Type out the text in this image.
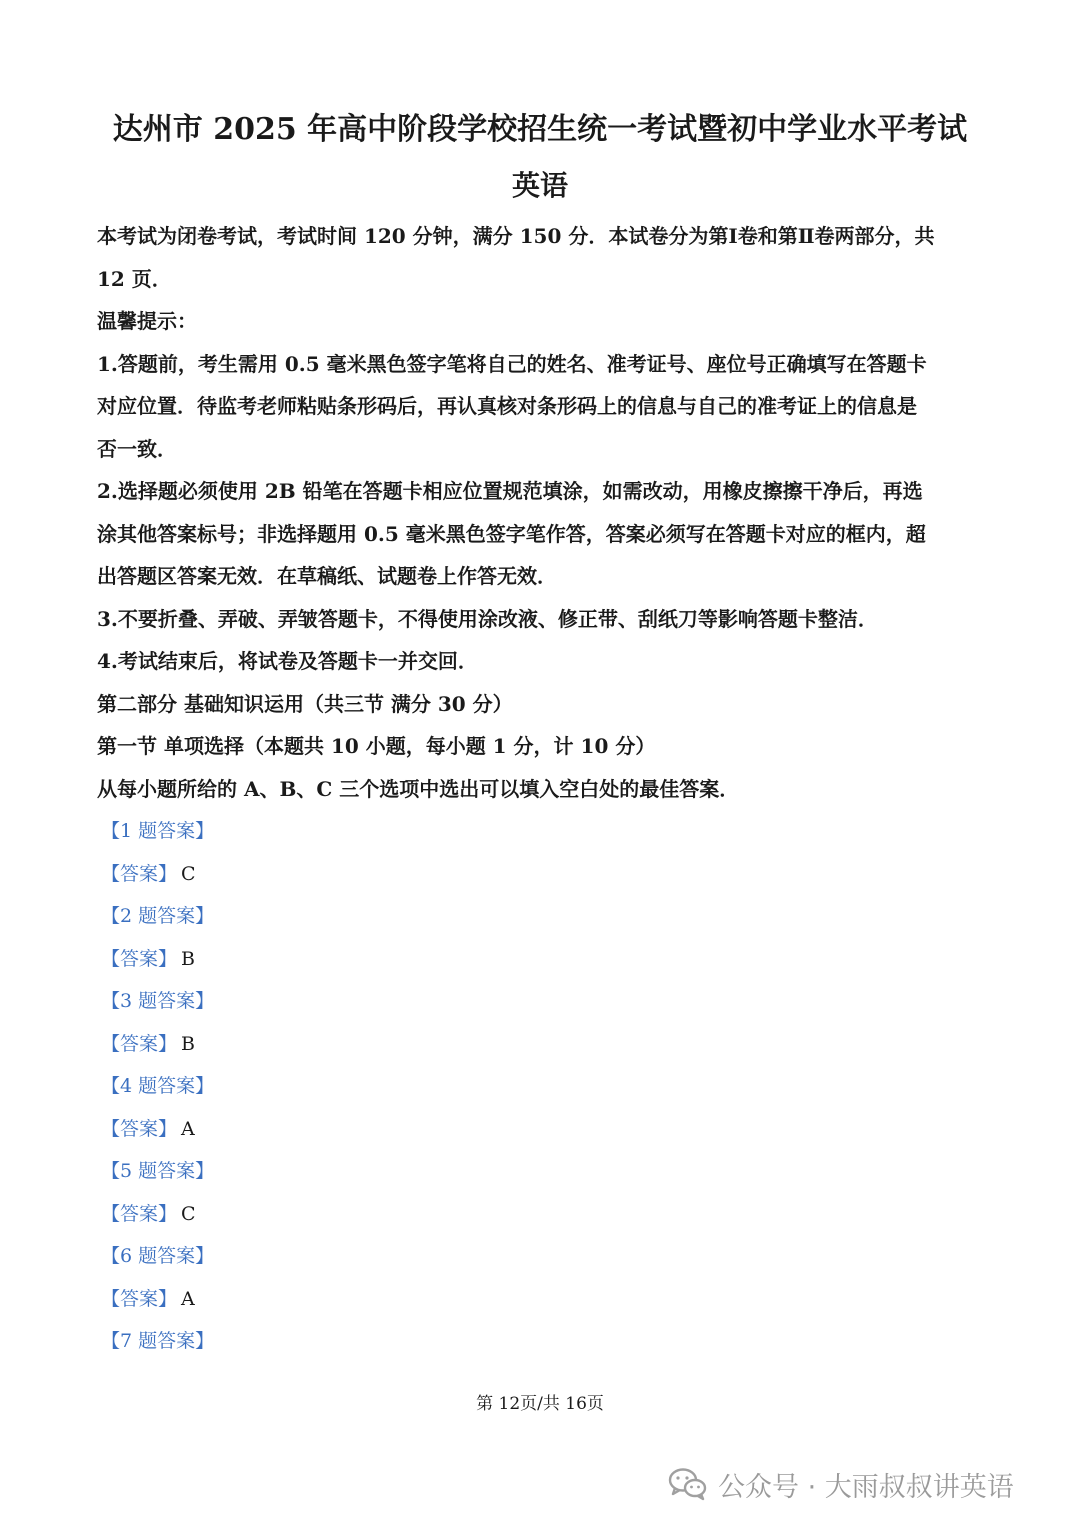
达州市 2025 年高中阶段学校招生统一考试暨初中学业水平考试
英语
本考试为闭卷考试，考试时间 120 分钟，满分 150 分．本试卷分为第Ⅰ卷和第Ⅱ卷两部分，共
12 页．
温馨提示：
1.答题前，考生需用 0.5 毫米黑色签字笔将自己的姓名、准考证号、座位号正确填写在答题卡
对应位置．待监考老师粘贴条形码后，再认真核对条形码上的信息与自己的准考证上的信息是
否一致．
2.选择题必须使用 2B 铅笔在答题卡相应位置规范填涂，如需改动，用橡皮擦擦干净后，再选
涂其他答案标号；非选择题用 0.5 毫米黑色签字笔作答，答案必须写在答题卡对应的框内，超
出答题区答案无效．在草稿纸、试题卷上作答无效．
3.不要折叠、弄破、弄皱答题卡，不得使用涂改液、修正带、刮纸刀等影响答题卡整洁．
4.考试结束后，将试卷及答题卡一并交回．
第二部分 基础知识运用（共三节 满分 30 分）
第一节 单项选择（本题共 10 小题，每小题 1 分，计 10 分）
从每小题所给的 A、B、C 三个选项中选出可以填入空白处的最佳答案．
【1 题答案】
【答案】 C
【2 题答案】
【答案】 B
【3 题答案】
【答案】 B
【4 题答案】
【答案】 A
【5 题答案】
【答案】 C
【6 题答案】
【答案】 A
【7 题答案】
第 12页/共 16页
公众号 · 大雨叔叔讲英语
